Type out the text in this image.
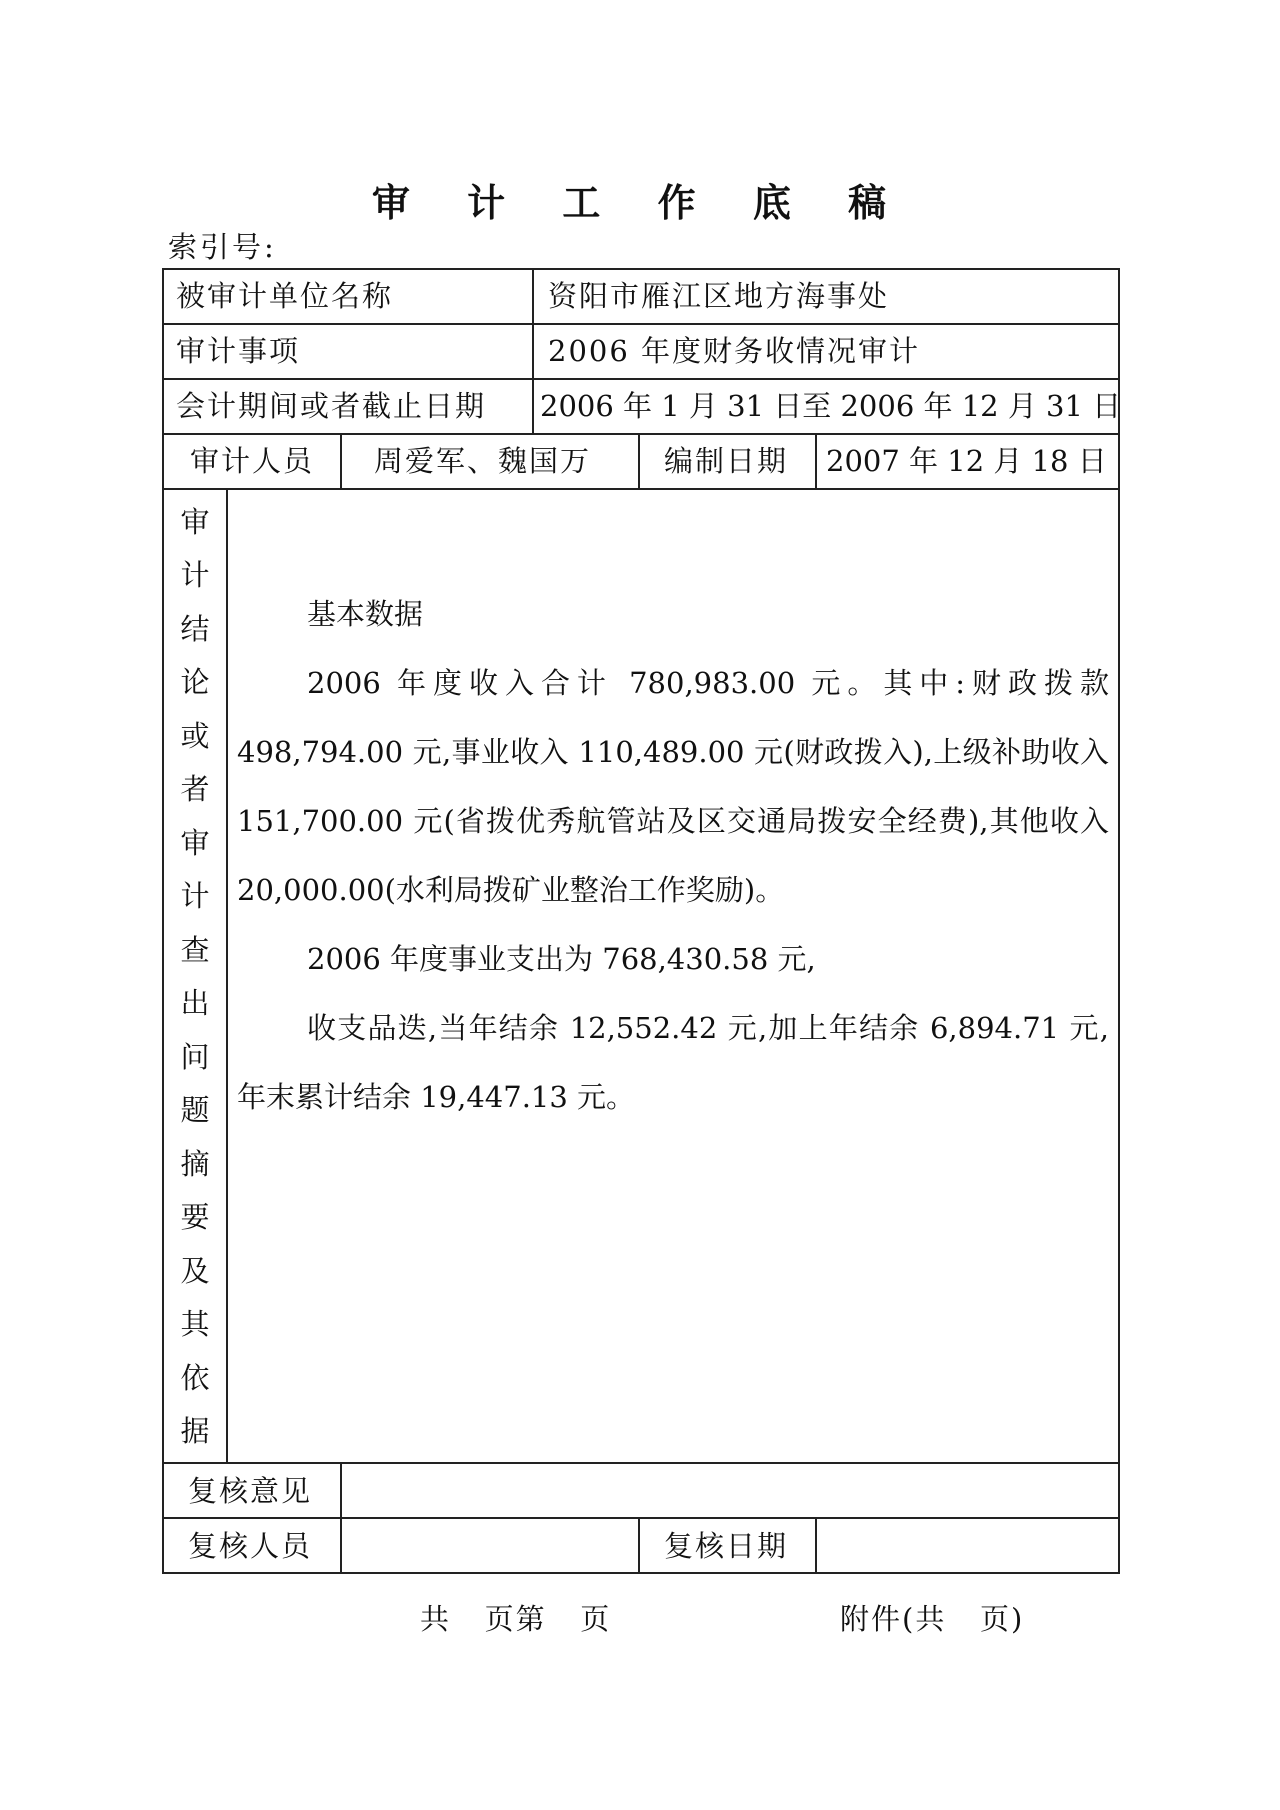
审 计 工 作 底 稿
索引号:
被审计单位名称	资阳市雁江区地方海事处
审计事项	2006 年度财务收情况审计
会计期间或者截止日期 2006 年 1 月 31 日至 2006 年 12 月 31 日
审计人员 周爱军、魏国万	编制日期 2007 年 12 月 18 日
审
计
结
论
或
者
审
计
查
出
问
题
摘
要
及
其
依
据

基本数据

2006 年度收入合计 780,983.00 元。其中:财政拨款 498,794.00 元,事业收入 110,489.00 元(财政拨入),上级补助收入 151,700.00 元(省拨优秀航管站及区交通局拨安全经费),其他收入 20,000.00(水利局拨矿业整治工作奖励)。

2006 年度事业支出为 768,430.58 元,

收支品迭,当年结余 12,552.42 元,加上年结余 6,894.71 元,年末累计结余 19,447.13 元。

复核意见
复核人员	复核日期
共   页第   页	附件(共   页)
